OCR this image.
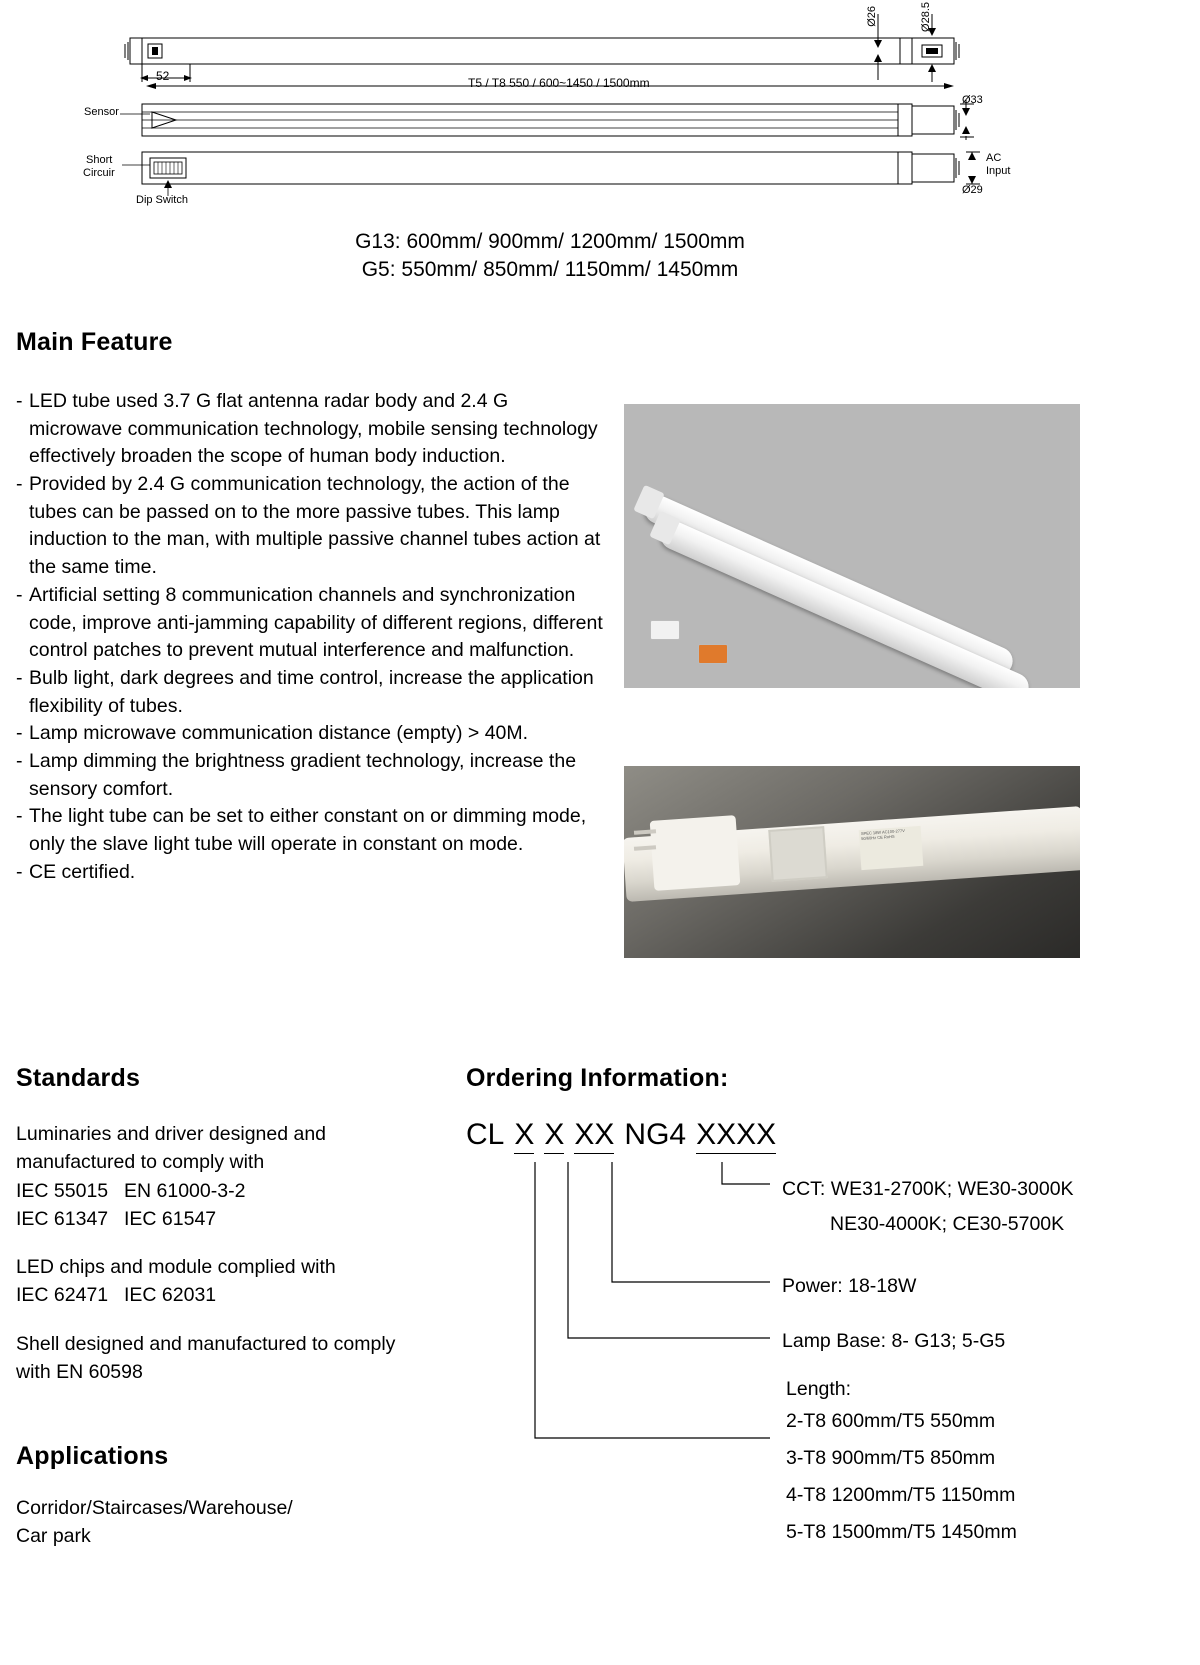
Ø26	Ø28.5
Ø33
Ø29
52	T5 / T8 550 / 600~1450 / 1500mm
Sensor
Short
Circuir
Dip Switch
AC
Input
G13: 600mm/ 900mm/ 1200mm/ 1500mm
G5: 550mm/ 850mm/ 1150mm/ 1450mm
Main Feature
- LED tube used 3.7 G flat antenna radar body and 2.4 G microwave communication technology, mobile sensing technology effectively broaden the scope of human body induction.
- Provided by 2.4 G communication technology, the action of the tubes can be passed on to the more passive tubes. This lamp induction to the man, with multiple passive channel tubes action at the same time.
- Artificial setting 8 communication channels and synchronization code, improve anti-jamming capability of different regions, different control patches to prevent mutual interference and malfunction.
- Bulb light, dark degrees and time control, increase the application flexibility of tubes.
- Lamp microwave communication distance (empty) > 40M.
- Lamp dimming the brightness gradient technology, increase the sensory comfort.
- The light tube can be set to either constant on or dimming mode, only the slave light tube will operate in constant on mode.
- CE certified.
SPEC 18W AC100-277V 50/60Hz CE RoHS
Standards
Luminaries and driver designed and
manufactured to comply with
IEC 55015 EN 61000-3-2
IEC 61347 IEC 61547
LED chips and module complied with
IEC 62471 IEC 62031
Shell designed and manufactured to comply
with EN 60598
Applications
Corridor/Staircases/Warehouse/
Car park
Ordering Information:
CL X X XX NG4 XXXX
CCT: WE31-2700K; WE30-3000K
NE30-4000K; CE30-5700K
Power: 18-18W
Lamp Base: 8- G13; 5-G5
Length:
2-T8 600mm/T5 550mm
3-T8 900mm/T5 850mm
4-T8 1200mm/T5 1150mm
5-T8 1500mm/T5 1450mm
